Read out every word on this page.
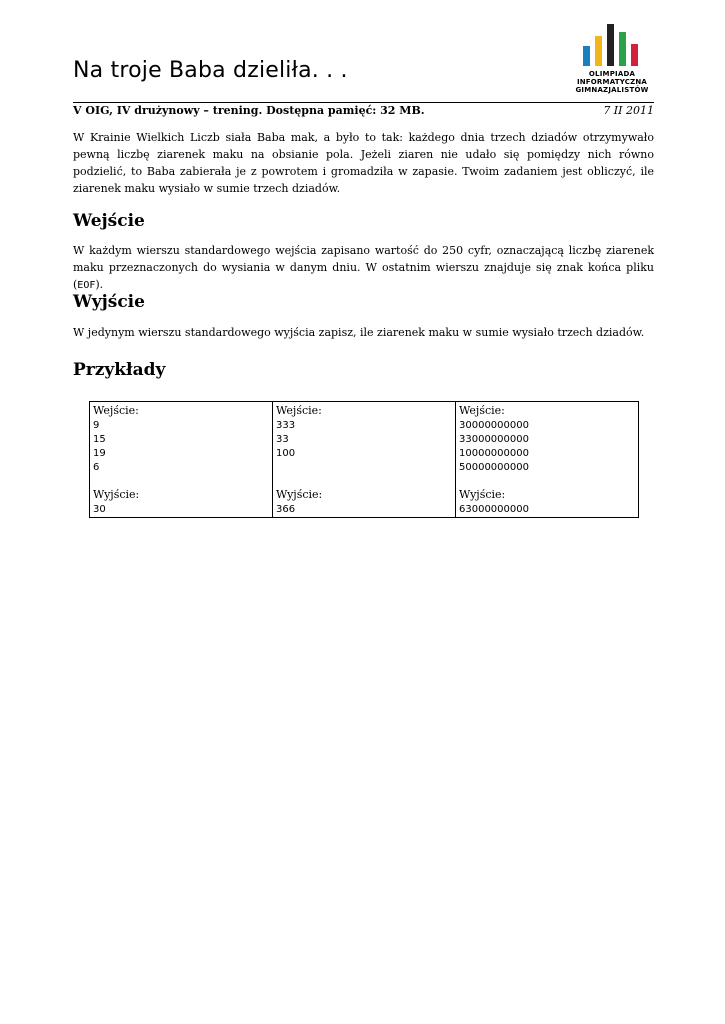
Na troje Baba dzieliła. . .	OLIMPIADA
INFORMATYCZNA
GIMNAZJALISTÓW
V OIG, IV drużynowy – trening. Dostępna pamięć: 32 MB.	7 II 2011
W Krainie Wielkich Liczb siała Baba mak, a było to tak: każdego dnia trzech dziadów otrzymywało pewną liczbę ziarenek maku na obsianie pola. Jeżeli ziaren nie udało się pomiędzy nich równo podzielić, to Baba zabierała je z powrotem i gromadziła w zapasie. Twoim zadaniem jest obliczyć, ile ziarenek maku wysiało w sumie trzech dziadów.
Wejście
W każdym wierszu standardowego wejścia zapisano wartość do 250 cyfr, oznaczającą liczbę ziarenek maku przeznaczonych do wysiania w danym dniu. W ostatnim wierszu znajduje się znak końca pliku (EOF).
Wyjście
W jedynym wierszu standardowego wyjścia zapisz, ile ziarenek maku w sumie wysiało trzech dziadów.
Przykłady
Wejście:
9
15
19
6
Wyjście:
30

Wejście:
333
33
100
Wyjście:
366

Wejście:
30000000000
33000000000
10000000000
50000000000
Wyjście:
63000000000
